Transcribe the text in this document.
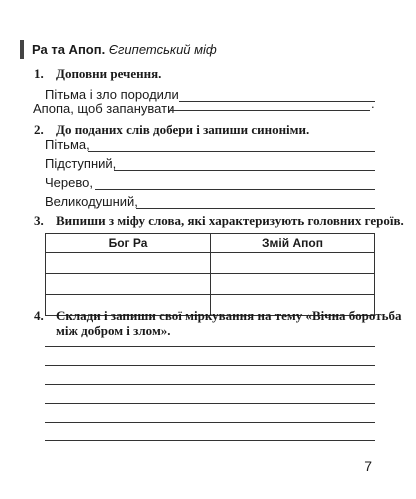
Ра та Апоп. Єгипетський міф
1. Доповни речення.
Пітьма і зло породили
Апопа, щоб запанувати	.
2. До поданих слів добери і запиши синоніми.
Пітьма,
Підступний,
Черево,
Великодушний,
3. Випиши з міфу слова, які характеризують головних героїв.
Бог Ра	Змій Апоп

4. Склади і запиши свої міркування на тему «Вічна боротьба
між добром і злом».
7
